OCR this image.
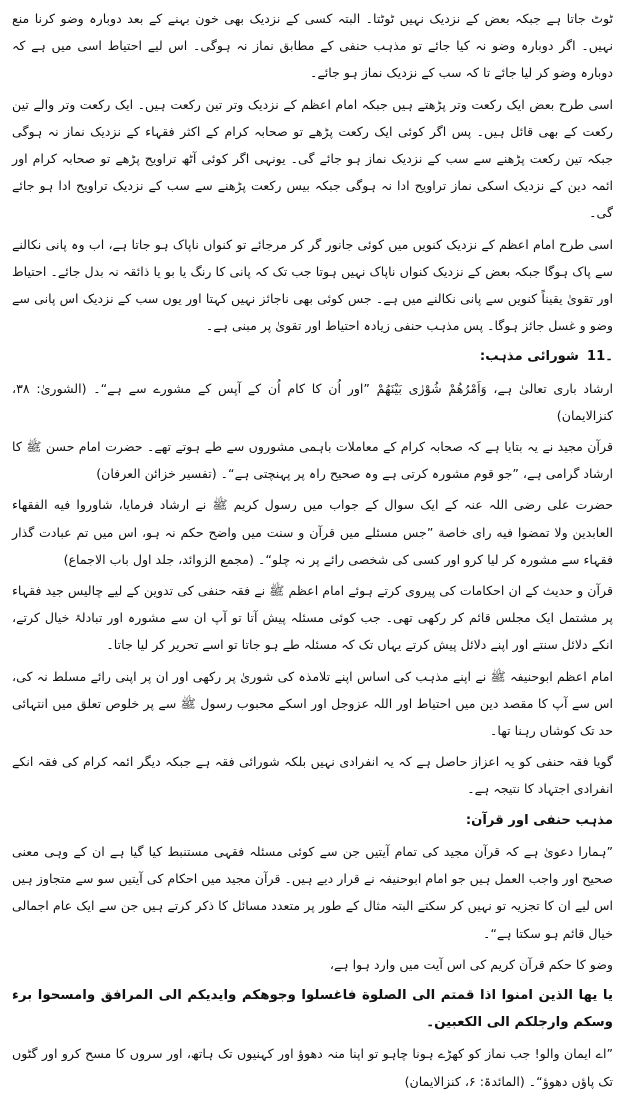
ٹوٹ جاتا ہے جبکہ بعض کے نزدیک نہیں ٹوٹتا۔ البتہ کسی کے نزدیک بھی خون بہنے کے بعد دوبارہ وضو کرنا منع نہیں۔ اگر دوبارہ وضو نہ کیا جائے تو مذہب حنفی کے مطابق نماز نہ ہوگی۔ اس لیے احتیاط اسی میں ہے کہ دوبارہ وضو کر لیا جائے تا کہ سب کے نزدیک نماز ہو جائے۔

اسی طرح بعض ایک رکعت وتر پڑھتے ہیں جبکہ امام اعظم کے نزدیک وتر تین رکعت ہیں۔ ایک رکعت وتر والے تین رکعت کے بھی قائل ہیں۔ پس اگر کوئی ایک رکعت پڑھے تو صحابہ کرام کے اکثر فقہاء کے نزدیک نماز نہ ہوگی جبکہ تین رکعت پڑھنے سے سب کے نزدیک نماز ہو جائے گی۔ یونہی اگر کوئی آٹھ تراویح پڑھے تو صحابہ کرام اور ائمہ دین کے نزدیک اسکی نماز تراویح ادا نہ ہوگی جبکہ بیس رکعت پڑھنے سے سب کے نزدیک تراویح ادا ہو جائے گی۔

اسی طرح امام اعظم کے نزدیک کنویں میں کوئی جانور گر کر مرجائے تو کنواں ناپاک ہو جاتا ہے، اب وہ پانی نکالنے سے پاک ہوگا جبکہ بعض کے نزدیک کنواں ناپاک نہیں ہوتا جب تک کہ پانی کا رنگ یا بو یا ذائقہ نہ بدل جائے۔ احتیاط اور تقویٰ یقیناً کنویں سے پانی نکالنے میں ہے۔ جس کوئی بھی ناجائز نہیں کہتا اور یوں سب کے نزدیک اس پانی سے وضو و غسل جائز ہوگا۔ پس مذہب حنفی زیادہ احتیاط اور تقویٰ پر مبنی ہے۔

11۔شورائی مذہب:

ارشاد باری تعالیٰ ہے، وَاَمْرُهُمْ شُوْرٰى بَيْنَهُمْ ”اور اُن کا کام اُن کے آپس کے مشورے سے ہے“۔ (الشوریٰ: ۳۸، کنزالایمان)

قرآن مجید نے یہ بتایا ہے کہ صحابہ کرام کے معاملات باہمی مشوروں سے طے ہوتے تھے۔ حضرت امام حسن ﷺ کا ارشاد گرامی ہے، ”جو قوم مشورہ کرتی ہے وہ صحیح راہ پر پہنچتی ہے“۔ (تفسیر خزائن العرفان)

حضرت علی رضی اللہ عنہ کے ایک سوال کے جواب میں رسول کریم ﷺ نے ارشاد فرمایا، شاوروا فيه الفقهاء العابدين ولا تمضوا فيه راى خاصة ”جس مسئلے میں قرآن و سنت میں واضح حکم نہ ہو، اس میں تم عبادت گذار فقہاء سے مشورہ کر لیا کرو اور کسی کی شخصی رائے پر نہ چلو“۔ (مجمع الزوائد، جلد اول باب الاجماع)

قرآن و حدیث کے ان احکامات کی پیروی کرتے ہوئے امام اعظم ﷺ نے فقہ حنفی کی تدوین کے لیے چالیس جید فقہاء پر مشتمل ایک مجلس قائم کر رکھی تھی۔ جب کوئی مسئلہ پیش آتا تو آپ ان سے مشورہ اور تبادلۂ خیال کرتے، انکے دلائل سنتے اور اپنے دلائل پیش کرتے یہاں تک کہ مسئلہ طے ہو جاتا تو اسے تحریر کر لیا جاتا۔

امام اعظم ابوحنیفہ ﷺ نے اپنے مذہب کی اساس اپنے تلامذہ کی شوریٰ پر رکھی اور ان پر اپنی رائے مسلط نہ کی، اس سے آپ کا مقصد دین میں احتیاط اور اللہ عزوجل اور اسکے محبوب رسول ﷺ سے پر خلوص تعلق میں انتہائی حد تک کوشاں رہنا تھا۔

گویا فقہ حنفی کو یہ اعزاز حاصل ہے کہ یہ انفرادی نہیں بلکہ شورائی فقہ ہے جبکہ دیگر ائمہ کرام کی فقہ انکے انفرادی اجتہاد کا نتیجہ ہے۔

مذہب حنفی اور قرآن:

”ہمارا دعویٰ ہے کہ قرآن مجید کی تمام آیتیں جن سے کوئی مسئلہ فقہی مستنبط کیا گیا ہے ان کے وہی معنی صحیح اور واجب العمل ہیں جو امام ابوحنیفہ نے قرار دیے ہیں۔ قرآن مجید میں احکام کی آیتیں سو سے متجاوز ہیں اس لیے ان کا تجزیہ تو نہیں کر سکتے البتہ مثال کے طور پر متعدد مسائل کا ذکر کرتے ہیں جن سے ایک عام اجمالی خیال قائم ہو سکتا ہے“۔

وضو کا حکم قرآن کریم کی اس آیت میں وارد ہوا ہے،

يا يها الذين امنوا اذا قمتم الى الصلوة فاغسلوا وجوهكم وايديكم الى المرافق وامسحوا برء وسكم وارجلكم الى الكعبين۔

”اے ایمان والو! جب نماز کو کھڑے ہونا چاہو تو اپنا منہ دھوؤ اور کہنیوں تک ہاتھ، اور سروں کا مسح کرو اور گٹوں تک پاؤں دھوؤ“۔ (المائدۃ: ۶، کنزالایمان)
